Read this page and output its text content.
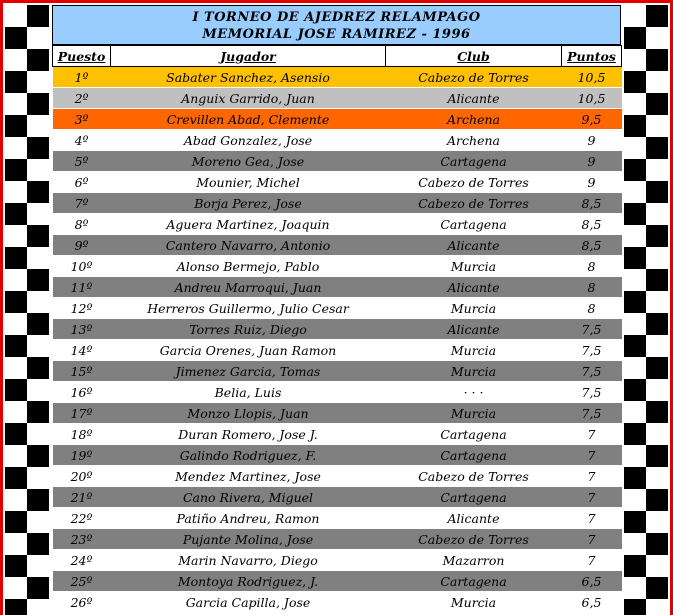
I TORNEO DE AJEDREZ RELAMPAGO
MEMORIAL JOSE RAMIREZ - 1996
Puesto	Jugador	Club	Puntos
1º	Sabater Sanchez, Asensio	Cabezo de Torres	10,5
2º	Anguix Garrido, Juan	Alicante	10,5
3º	Crevillen Abad, Clemente	Archena	9,5
4º	Abad Gonzalez, Jose	Archena	9
5º	Moreno Gea, Jose	Cartagena	9
6º	Mounier, Michel	Cabezo de Torres	9
7º	Borja Perez, Jose	Cabezo de Torres	8,5
8º	Aguera Martinez, Joaquin	Cartagena	8,5
9º	Cantero Navarro, Antonio	Alicante	8,5
10º	Alonso Bermejo, Pablo	Murcia	8
11º	Andreu Marroqui, Juan	Alicante	8
12º	Herreros Guillermo, Julio Cesar	Murcia	8
13º	Torres Ruiz, Diego	Alicante	7,5
14º	Garcia Orenes, Juan Ramon	Murcia	7,5
15º	Jimenez Garcia, Tomas	Murcia	7,5
16º	Belia, Luis	· · ·	7,5
17º	Monzo Llopis, Juan	Murcia	7,5
18º	Duran Romero, Jose J.	Cartagena	7
19º	Galindo Rodriguez, F.	Cartagena	7
20º	Mendez Martinez, Jose	Cabezo de Torres	7
21º	Cano Rivera, Miguel	Cartagena	7
22º	Patiño Andreu, Ramon	Alicante	7
23º	Pujante Molina, Jose	Cabezo de Torres	7
24º	Marin Navarro, Diego	Mazarron	7
25º	Montoya Rodriguez, J.	Cartagena	6,5
26º	Garcia Capilla, Jose	Murcia	6,5
